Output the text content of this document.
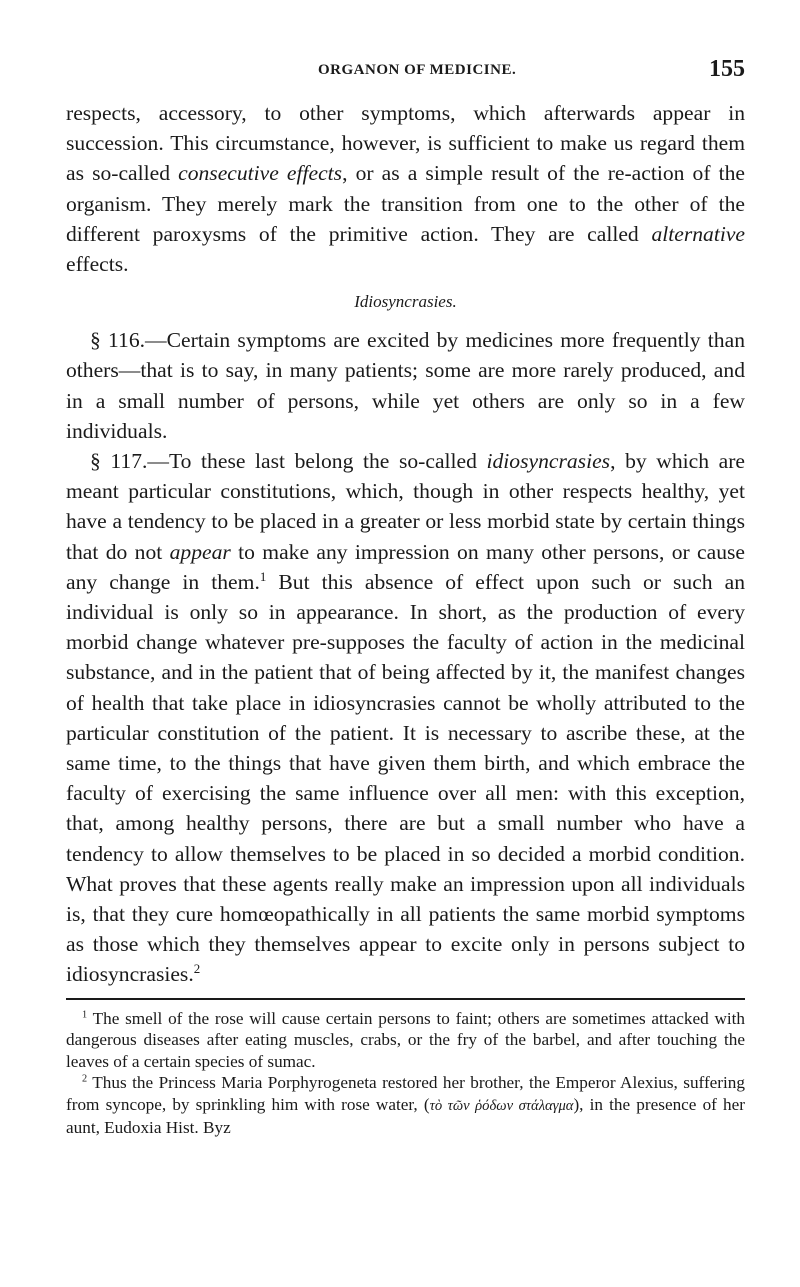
ORGANON OF MEDICINE.	155

respects, accessory, to other symptoms, which afterwards appear in succession. This circumstance, however, is sufficient to make us regard them as so-called consecutive effects, or as a simple result of the re-action of the organism. They merely mark the transition from one to the other of the different paroxysms of the primitive action. They are called alternative effects.

Idiosyncrasies.

§ 116.—Certain symptoms are excited by medicines more frequently than others—that is to say, in many patients; some are more rarely produced, and in a small number of persons, while yet others are only so in a few individuals.

§ 117.—To these last belong the so-called idiosyncrasies, by which are meant particular constitutions, which, though in other respects healthy, yet have a tendency to be placed in a greater or less morbid state by certain things that do not appear to make any impression on many other persons, or cause any change in them.$^1$ But this absence of effect upon such or such an individual is only so in appearance. In short, as the production of every morbid change whatever pre-supposes the faculty of action in the medicinal substance, and in the patient that of being affected by it, the manifest changes of health that take place in idiosyncrasies cannot be wholly attributed to the particular constitution of the patient. It is necessary to ascribe these, at the same time, to the things that have given them birth, and which embrace the faculty of exercising the same influence over all men: with this exception, that, among healthy persons, there are but a small number who have a tendency to allow themselves to be placed in so decided a morbid condition. What proves that these agents really make an impression upon all individuals is, that they cure homœopathically in all patients the same morbid symptoms as those which they themselves appear to excite only in persons subject to idiosyncrasies.$^2$

$^1$ The smell of the rose will cause certain persons to faint; others are sometimes attacked with dangerous diseases after eating muscles, crabs, or the fry of the barbel, and after touching the leaves of a certain species of sumac.

$^2$ Thus the Princess Maria Porphyrogeneta restored her brother, the Emperor Alexius, suffering from syncope, by sprinkling him with rose water, (τὸ τῶν ῥόδων στάλαγμα), in the presence of her aunt, Eudoxia Hist. Byz
